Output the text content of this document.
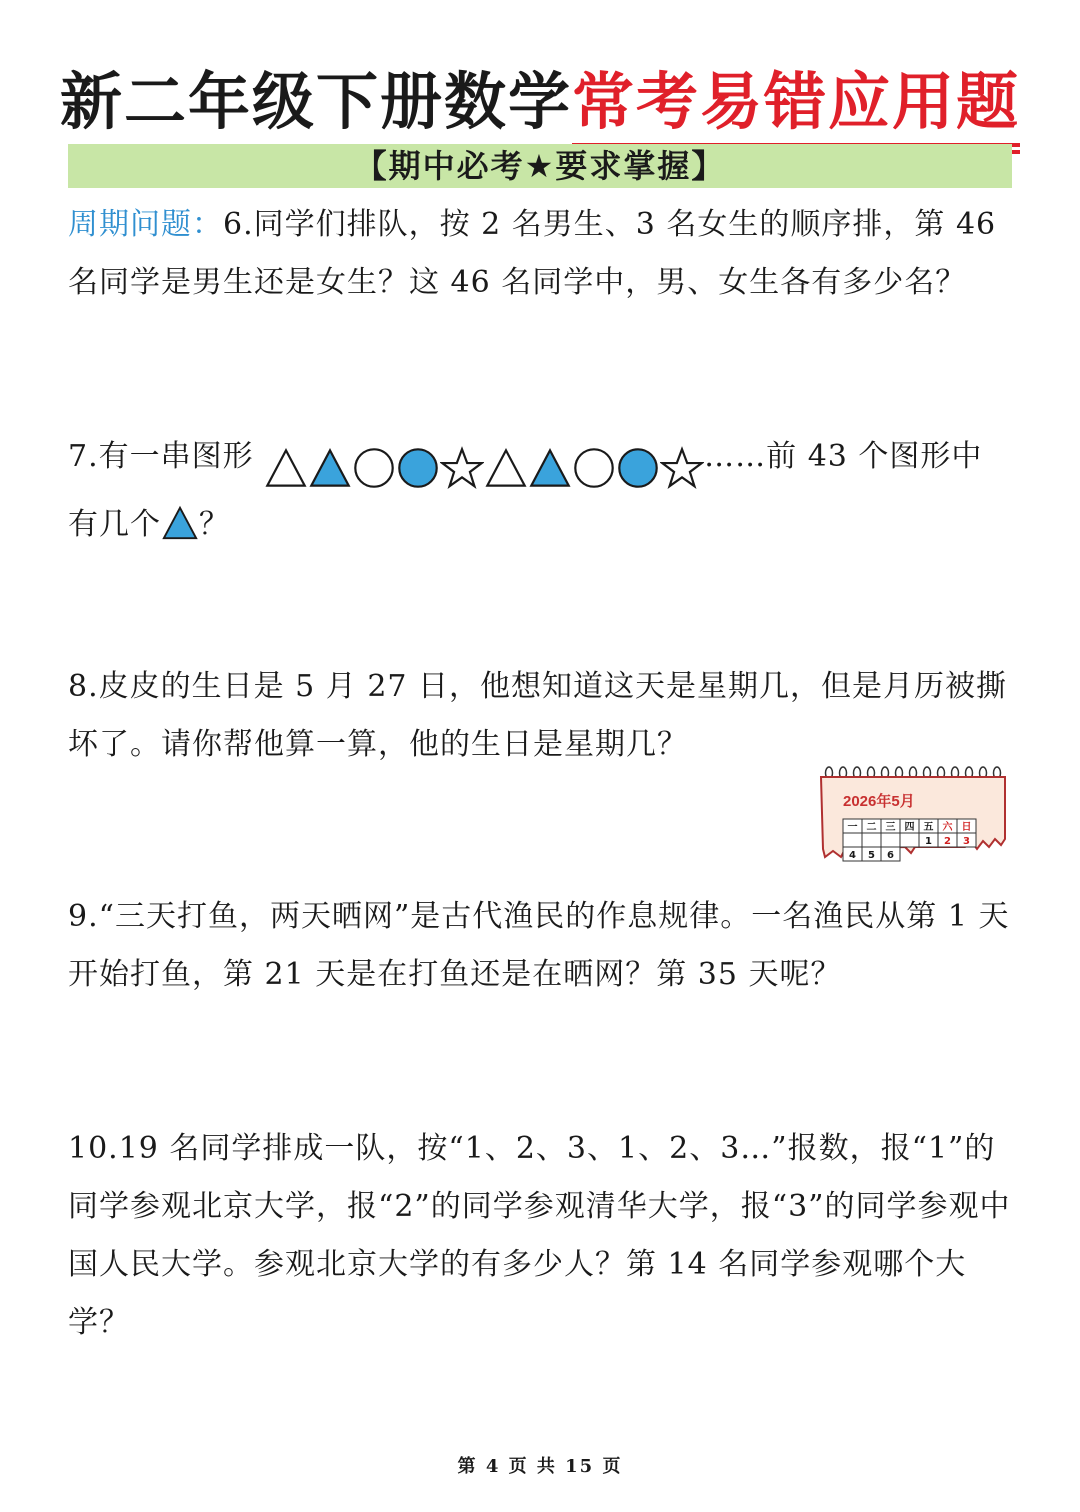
新二年级下册数学常考易错应用题
【期中必考★要求掌握】
周期问题：6.同学们排队，按 2 名男生、3 名女生的顺序排，第 46 名同学是男生还是女生？这 46 名同学中，男、女生各有多少名？
7.有一串图形	……前 43 个图形中有几个 ？
8.皮皮的生日是 5 月 27 日，他想知道这天是星期几，但是月历被撕坏了。请你帮他算一算，他的生日是星期几？
2026年5月
一 二 三 四 五 六 日
1 2 3
4 5 6
9.“三天打鱼，两天晒网”是古代渔民的作息规律。一名渔民从第 1 天开始打鱼，第 21 天是在打鱼还是在晒网？第 35 天呢？
10.19 名同学排成一队，按“1、2、3、1、2、3…”报数，报“1”的同学参观北京大学，报“2”的同学参观清华大学，报“3”的同学参观中国人民大学。参观北京大学的有多少人？第 14 名同学参观哪个大学？
第 4 页 共 15 页
